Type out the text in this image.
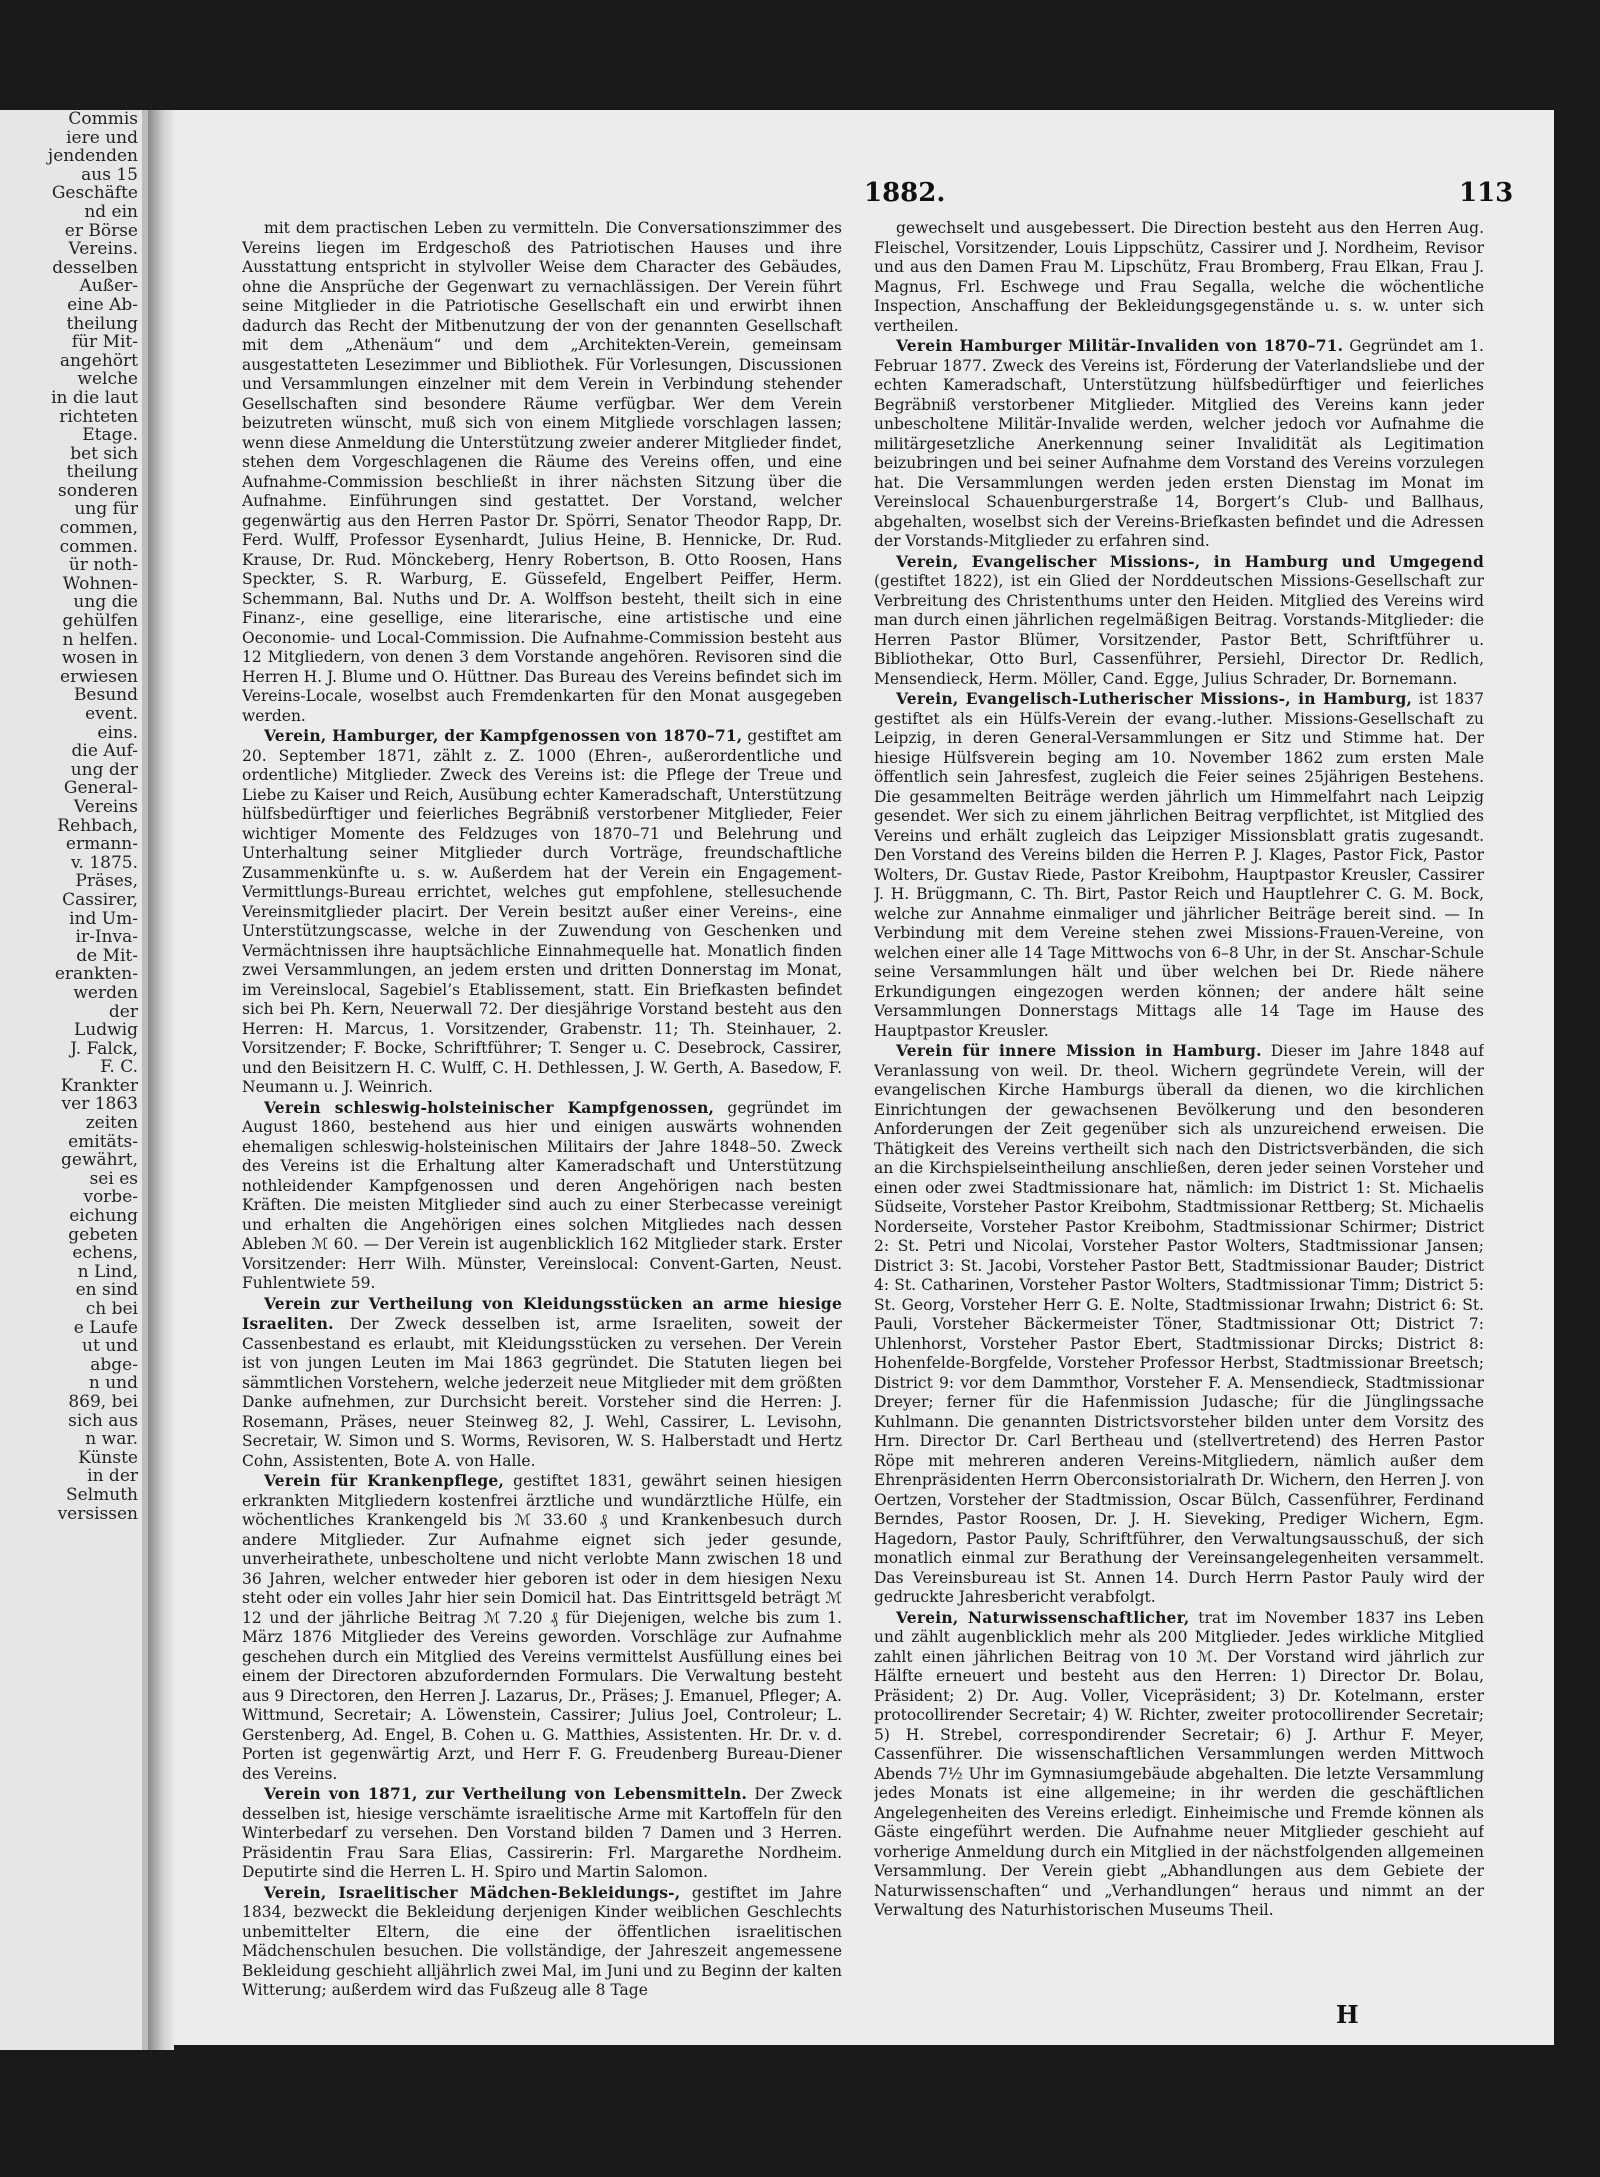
Commis
iere und
jendenden
aus 15
Geschäfte
nd ein
er Börse
Vereins.
desselben
Außer-
eine Ab-
theilung
für Mit-
angehört
welche
in die laut
richteten
Etage.
bet sich
theilung
sonderen
ung für
commen,
commen.
ür noth-
Wohnen-
ung die
gehülfen
n helfen.
wosen in
erwiesen
Besund
event.
eins.
die Auf-
ung der
General-
Vereins
Rehbach,
ermann-
v. 1875.
Präses,
Cassirer,
ind Um-
ir-Inva-
de Mit-
erankten-
werden
der
Ludwig
J. Falck,
F. C.
Krankter
ver 1863
zeiten
emitäts-
gewährt,
sei es
vorbe-
eichung
gebeten
echens,
n Lind,
en sind
ch bei
e Laufe
ut und
abge-
n und
869, bei
sich aus
n war.
Künste
in der
Selmuth
versissen
1882.	113

mit dem practischen Leben zu vermitteln. Die Conversationszimmer des Vereins liegen im Erdgeschoß des Patriotischen Hauses und ihre Ausstattung entspricht in stylvoller Weise dem Character des Gebäudes, ohne die Ansprüche der Gegenwart zu vernachlässigen. Der Verein führt seine Mitglieder in die Patriotische Gesellschaft ein und erwirbt ihnen dadurch das Recht der Mitbenutzung der von der genannten Gesellschaft mit dem „Athenäum“ und dem „Architekten-Verein, gemeinsam ausgestatteten Lesezimmer und Bibliothek. Für Vorlesungen, Discussionen und Versammlungen einzelner mit dem Verein in Verbindung stehender Gesellschaften sind besondere Räume verfügbar. Wer dem Verein beizutreten wünscht, muß sich von einem Mitgliede vorschlagen lassen; wenn diese Anmeldung die Unterstützung zweier anderer Mitglieder findet, stehen dem Vorgeschlagenen die Räume des Vereins offen, und eine Aufnahme-Commission beschließt in ihrer nächsten Sitzung über die Aufnahme. Einführungen sind gestattet. Der Vorstand, welcher gegenwärtig aus den Herren Pastor Dr. Spörri, Senator Theodor Rapp, Dr. Ferd. Wulff, Professor Eysenhardt, Julius Heine, B. Hennicke, Dr. Rud. Krause, Dr. Rud. Mönckeberg, Henry Robertson, B. Otto Roosen, Hans Speckter, S. R. Warburg, E. Güssefeld, Engelbert Peiffer, Herm. Schemmann, Bal. Nuths und Dr. A. Wolffson besteht, theilt sich in eine Finanz-, eine gesellige, eine literarische, eine artistische und eine Oeconomie- und Local-Commission. Die Aufnahme-Commission besteht aus 12 Mitgliedern, von denen 3 dem Vorstande angehören. Revisoren sind die Herren H. J. Blume und O. Hüttner. Das Bureau des Vereins befindet sich im Vereins-Locale, woselbst auch Fremdenkarten für den Monat ausgegeben werden.

Verein, Hamburger, der Kampfgenossen von 1870–71, gestiftet am 20. September 1871, zählt z. Z. 1000 (Ehren-, außerordentliche und ordentliche) Mitglieder. Zweck des Vereins ist: die Pflege der Treue und Liebe zu Kaiser und Reich, Ausübung echter Kameradschaft, Unterstützung hülfsbedürftiger und feierliches Begräbniß verstorbener Mitglieder, Feier wichtiger Momente des Feldzuges von 1870–71 und Belehrung und Unterhaltung seiner Mitglieder durch Vorträge, freundschaftliche Zusammenkünfte u. s. w. Außerdem hat der Verein ein Engagement-Vermittlungs-Bureau errichtet, welches gut empfohlene, stellesuchende Vereinsmitglieder placirt. Der Verein besitzt außer einer Vereins-, eine Unterstützungscasse, welche in der Zuwendung von Geschenken und Vermächtnissen ihre hauptsächliche Einnahmequelle hat. Monatlich finden zwei Versammlungen, an jedem ersten und dritten Donnerstag im Monat, im Vereinslocal, Sagebiel’s Etablissement, statt. Ein Briefkasten befindet sich bei Ph. Kern, Neuerwall 72. Der diesjährige Vorstand besteht aus den Herren: H. Marcus, 1. Vorsitzender, Grabenstr. 11; Th. Steinhauer, 2. Vorsitzender; F. Bocke, Schriftführer; T. Senger u. C. Desebrock, Cassirer, und den Beisitzern H. C. Wulff, C. H. Dethlessen, J. W. Gerth, A. Basedow, F. Neumann u. J. Weinrich.

Verein schleswig-holsteinischer Kampfgenossen, gegründet im August 1860, bestehend aus hier und einigen auswärts wohnenden ehemaligen schleswig-holsteinischen Militairs der Jahre 1848–50. Zweck des Vereins ist die Erhaltung alter Kameradschaft und Unterstützung nothleidender Kampfgenossen und deren Angehörigen nach besten Kräften. Die meisten Mitglieder sind auch zu einer Sterbecasse vereinigt und erhalten die Angehörigen eines solchen Mitgliedes nach dessen Ableben ℳ 60. — Der Verein ist augenblicklich 162 Mitglieder stark. Erster Vorsitzender: Herr Wilh. Münster, Vereinslocal: Convent-Garten, Neust. Fuhlentwiete 59.

Verein zur Vertheilung von Kleidungsstücken an arme hiesige Israeliten. Der Zweck desselben ist, arme Israeliten, soweit der Cassenbestand es erlaubt, mit Kleidungsstücken zu versehen. Der Verein ist von jungen Leuten im Mai 1863 gegründet. Die Statuten liegen bei sämmtlichen Vorstehern, welche jederzeit neue Mitglieder mit dem größten Danke aufnehmen, zur Durchsicht bereit. Vorsteher sind die Herren: J. Rosemann, Präses, neuer Steinweg 82, J. Wehl, Cassirer, L. Levisohn, Secretair, W. Simon und S. Worms, Revisoren, W. S. Halberstadt und Hertz Cohn, Assistenten, Bote A. von Halle.

Verein für Krankenpflege, gestiftet 1831, gewährt seinen hiesigen erkrankten Mitgliedern kostenfrei ärztliche und wundärztliche Hülfe, ein wöchentliches Krankengeld bis ℳ 33.60 ₰ und Krankenbesuch durch andere Mitglieder. Zur Aufnahme eignet sich jeder gesunde, unverheirathete, unbescholtene und nicht verlobte Mann zwischen 18 und 36 Jahren, welcher entweder hier geboren ist oder in dem hiesigen Nexu steht oder ein volles Jahr hier sein Domicil hat. Das Eintrittsgeld beträgt ℳ 12 und der jährliche Beitrag ℳ 7.20 ₰ für Diejenigen, welche bis zum 1. März 1876 Mitglieder des Vereins geworden. Vorschläge zur Aufnahme geschehen durch ein Mitglied des Vereins vermittelst Ausfüllung eines bei einem der Directoren abzufordernden Formulars. Die Verwaltung besteht aus 9 Directoren, den Herren J. Lazarus, Dr., Präses; J. Emanuel, Pfleger; A. Wittmund, Secretair; A. Löwenstein, Cassirer; Julius Joel, Controleur; L. Gerstenberg, Ad. Engel, B. Cohen u. G. Matthies, Assistenten. Hr. Dr. v. d. Porten ist gegenwärtig Arzt, und Herr F. G. Freudenberg Bureau-Diener des Vereins.

Verein von 1871, zur Vertheilung von Lebensmitteln. Der Zweck desselben ist, hiesige verschämte israelitische Arme mit Kartoffeln für den Winterbedarf zu versehen. Den Vorstand bilden 7 Damen und 3 Herren. Präsidentin Frau Sara Elias, Cassirerin: Frl. Margarethe Nordheim. Deputirte sind die Herren L. H. Spiro und Martin Salomon.

Verein, Israelitischer Mädchen-Bekleidungs-, gestiftet im Jahre 1834, bezweckt die Bekleidung derjenigen Kinder weiblichen Geschlechts unbemittelter Eltern, die eine der öffentlichen israelitischen Mädchenschulen besuchen. Die vollständige, der Jahreszeit angemessene Bekleidung geschieht alljährlich zwei Mal, im Juni und zu Beginn der kalten Witterung; außerdem wird das Fußzeug alle 8 Tage

gewechselt und ausgebessert. Die Direction besteht aus den Herren Aug. Fleischel, Vorsitzender, Louis Lippschütz, Cassirer und J. Nordheim, Revisor und aus den Damen Frau M. Lipschütz, Frau Bromberg, Frau Elkan, Frau J. Magnus, Frl. Eschwege und Frau Segalla, welche die wöchentliche Inspection, Anschaffung der Bekleidungsgegenstände u. s. w. unter sich vertheilen.

Verein Hamburger Militär-Invaliden von 1870–71. Gegründet am 1. Februar 1877. Zweck des Vereins ist, Förderung der Vaterlandsliebe und der echten Kameradschaft, Unterstützung hülfsbedürftiger und feierliches Begräbniß verstorbener Mitglieder. Mitglied des Vereins kann jeder unbescholtene Militär-Invalide werden, welcher jedoch vor Aufnahme die militärgesetzliche Anerkennung seiner Invalidität als Legitimation beizubringen und bei seiner Aufnahme dem Vorstand des Vereins vorzulegen hat. Die Versammlungen werden jeden ersten Dienstag im Monat im Vereinslocal Schauenburgerstraße 14, Borgert’s Club- und Ballhaus, abgehalten, woselbst sich der Vereins-Briefkasten befindet und die Adressen der Vorstands-Mitglieder zu erfahren sind.

Verein, Evangelischer Missions-, in Hamburg und Umgegend (gestiftet 1822), ist ein Glied der Norddeutschen Missions-Gesellschaft zur Verbreitung des Christenthums unter den Heiden. Mitglied des Vereins wird man durch einen jährlichen regelmäßigen Beitrag. Vorstands-Mitglieder: die Herren Pastor Blümer, Vorsitzender, Pastor Bett, Schriftführer u. Bibliothekar, Otto Burl, Cassenführer, Persiehl, Director Dr. Redlich, Mensendieck, Herm. Möller, Cand. Egge, Julius Schrader, Dr. Bornemann.

Verein, Evangelisch-Lutherischer Missions-, in Hamburg, ist 1837 gestiftet als ein Hülfs-Verein der evang.-luther. Missions-Gesellschaft zu Leipzig, in deren General-Versammlungen er Sitz und Stimme hat. Der hiesige Hülfsverein beging am 10. November 1862 zum ersten Male öffentlich sein Jahresfest, zugleich die Feier seines 25jährigen Bestehens. Die gesammelten Beiträge werden jährlich um Himmelfahrt nach Leipzig gesendet. Wer sich zu einem jährlichen Beitrag verpflichtet, ist Mitglied des Vereins und erhält zugleich das Leipziger Missionsblatt gratis zugesandt. Den Vorstand des Vereins bilden die Herren P. J. Klages, Pastor Fick, Pastor Wolters, Dr. Gustav Riede, Pastor Kreibohm, Hauptpastor Kreusler, Cassirer J. H. Brüggmann, C. Th. Birt, Pastor Reich und Hauptlehrer C. G. M. Bock, welche zur Annahme einmaliger und jährlicher Beiträge bereit sind. — In Verbindung mit dem Vereine stehen zwei Missions-Frauen-Vereine, von welchen einer alle 14 Tage Mittwochs von 6–8 Uhr, in der St. Anschar-Schule seine Versammlungen hält und über welchen bei Dr. Riede nähere Erkundigungen eingezogen werden können; der andere hält seine Versammlungen Donnerstags Mittags alle 14 Tage im Hause des Hauptpastor Kreusler.

Verein für innere Mission in Hamburg. Dieser im Jahre 1848 auf Veranlassung von weil. Dr. theol. Wichern gegründete Verein, will der evangelischen Kirche Hamburgs überall da dienen, wo die kirchlichen Einrichtungen der gewachsenen Bevölkerung und den besonderen Anforderungen der Zeit gegenüber sich als unzureichend erweisen. Die Thätigkeit des Vereins vertheilt sich nach den Districtsverbänden, die sich an die Kirchspielseintheilung anschließen, deren jeder seinen Vorsteher und einen oder zwei Stadtmissionare hat, nämlich: im District 1: St. Michaelis Südseite, Vorsteher Pastor Kreibohm, Stadtmissionar Rettberg; St. Michaelis Norderseite, Vorsteher Pastor Kreibohm, Stadtmissionar Schirmer; District 2: St. Petri und Nicolai, Vorsteher Pastor Wolters, Stadtmissionar Jansen; District 3: St. Jacobi, Vorsteher Pastor Bett, Stadtmissionar Bauder; District 4: St. Catharinen, Vorsteher Pastor Wolters, Stadtmissionar Timm; District 5: St. Georg, Vorsteher Herr G. E. Nolte, Stadtmissionar Irwahn; District 6: St. Pauli, Vorsteher Bäckermeister Töner, Stadtmissionar Ott; District 7: Uhlenhorst, Vorsteher Pastor Ebert, Stadtmissionar Dircks; District 8: Hohenfelde-Borgfelde, Vorsteher Professor Herbst, Stadtmissionar Breetsch; District 9: vor dem Dammthor, Vorsteher F. A. Mensendieck, Stadtmissionar Dreyer; ferner für die Hafenmission Judasche; für die Jünglingssache Kuhlmann. Die genannten Districtsvorsteher bilden unter dem Vorsitz des Hrn. Director Dr. Carl Bertheau und (stellvertretend) des Herren Pastor Röpe mit mehreren anderen Vereins-Mitgliedern, nämlich außer dem Ehrenpräsidenten Herrn Oberconsistorialrath Dr. Wichern, den Herren J. von Oertzen, Vorsteher der Stadtmission, Oscar Bülch, Cassenführer, Ferdinand Berndes, Pastor Roosen, Dr. J. H. Sieveking, Prediger Wichern, Egm. Hagedorn, Pastor Pauly, Schriftführer, den Verwaltungsausschuß, der sich monatlich einmal zur Berathung der Vereinsangelegenheiten versammelt. Das Vereinsbureau ist St. Annen 14. Durch Herrn Pastor Pauly wird der gedruckte Jahresbericht verabfolgt.

Verein, Naturwissenschaftlicher, trat im November 1837 ins Leben und zählt augenblicklich mehr als 200 Mitglieder. Jedes wirkliche Mitglied zahlt einen jährlichen Beitrag von 10 ℳ. Der Vorstand wird jährlich zur Hälfte erneuert und besteht aus den Herren: 1) Director Dr. Bolau, Präsident; 2) Dr. Aug. Voller, Vicepräsident; 3) Dr. Kotelmann, erster protocollirender Secretair; 4) W. Richter, zweiter protocollirender Secretair; 5) H. Strebel, correspondirender Secretair; 6) J. Arthur F. Meyer, Cassenführer. Die wissenschaftlichen Versammlungen werden Mittwoch Abends 7½ Uhr im Gymnasiumgebäude abgehalten. Die letzte Versammlung jedes Monats ist eine allgemeine; in ihr werden die geschäftlichen Angelegenheiten des Vereins erledigt. Einheimische und Fremde können als Gäste eingeführt werden. Die Aufnahme neuer Mitglieder geschieht auf vorherige Anmeldung durch ein Mitglied in der nächstfolgenden allgemeinen Versammlung. Der Verein giebt „Abhandlungen aus dem Gebiete der Naturwissenschaften“ und „Verhandlungen“ heraus und nimmt an der Verwaltung des Naturhistorischen Museums Theil.

H
